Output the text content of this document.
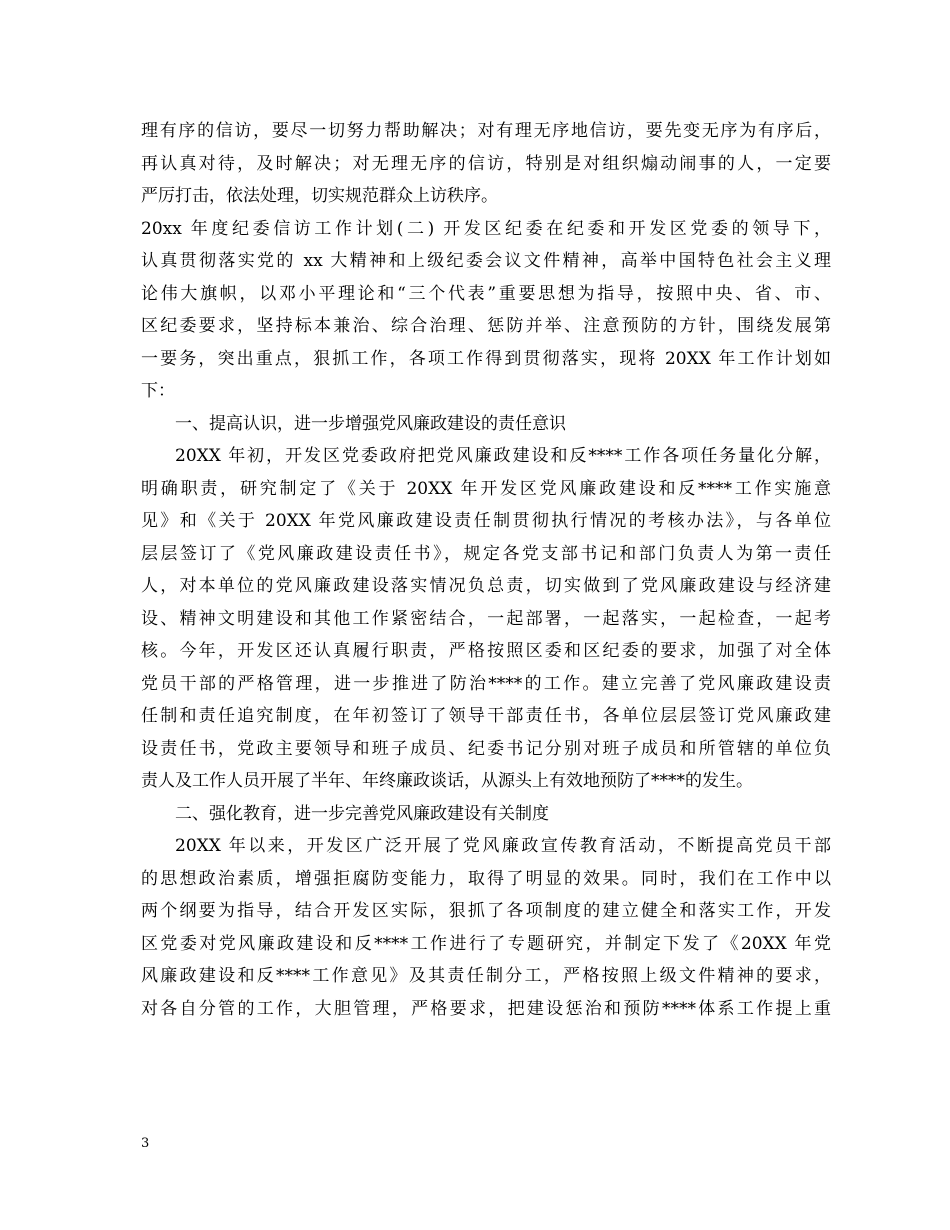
理有序的信访，要尽一切努力帮助解决；对有理无序地信访，要先变无序为有序后，
再认真对待，及时解决；对无理无序的信访，特别是对组织煽动闹事的人，一定要
严厉打击，依法处理，切实规范群众上访秩序。
20xx 年度纪委信访工作计划(二) 开发区纪委在纪委和开发区党委的领导下，
认真贯彻落实党的 xx 大精神和上级纪委会议文件精神，高举中国特色社会主义理
论伟大旗帜，以邓小平理论和“三个代表”重要思想为指导，按照中央、省、市、
区纪委要求，坚持标本兼治、综合治理、惩防并举、注意预防的方针，围绕发展第
一要务，突出重点，狠抓工作，各项工作得到贯彻落实，现将 20XX 年工作计划如
下：
一、提高认识，进一步增强党风廉政建设的责任意识
20XX 年初，开发区党委政府把党风廉政建设和反****工作各项任务量化分解，
明确职责，研究制定了《关于 20XX 年开发区党风廉政建设和反****工作实施意
见》和《关于 20XX 年党风廉政建设责任制贯彻执行情况的考核办法》，与各单位
层层签订了《党风廉政建设责任书》，规定各党支部书记和部门负责人为第一责任
人，对本单位的党风廉政建设落实情况负总责，切实做到了党风廉政建设与经济建
设、精神文明建设和其他工作紧密结合，一起部署，一起落实，一起检查，一起考
核。今年，开发区还认真履行职责，严格按照区委和区纪委的要求，加强了对全体
党员干部的严格管理，进一步推进了防治****的工作。建立完善了党风廉政建设责
任制和责任追究制度，在年初签订了领导干部责任书，各单位层层签订党风廉政建
设责任书，党政主要领导和班子成员、纪委书记分别对班子成员和所管辖的单位负
责人及工作人员开展了半年、年终廉政谈话，从源头上有效地预防了****的发生。
二、强化教育，进一步完善党风廉政建设有关制度
20XX 年以来，开发区广泛开展了党风廉政宣传教育活动，不断提高党员干部
的思想政治素质，增强拒腐防变能力，取得了明显的效果。同时，我们在工作中以
两个纲要为指导，结合开发区实际，狠抓了各项制度的建立健全和落实工作，开发
区党委对党风廉政建设和反****工作进行了专题研究，并制定下发了《20XX 年党
风廉政建设和反****工作意见》及其责任制分工，严格按照上级文件精神的要求，
对各自分管的工作，大胆管理，严格要求，把建设惩治和预防****体系工作提上重
3
